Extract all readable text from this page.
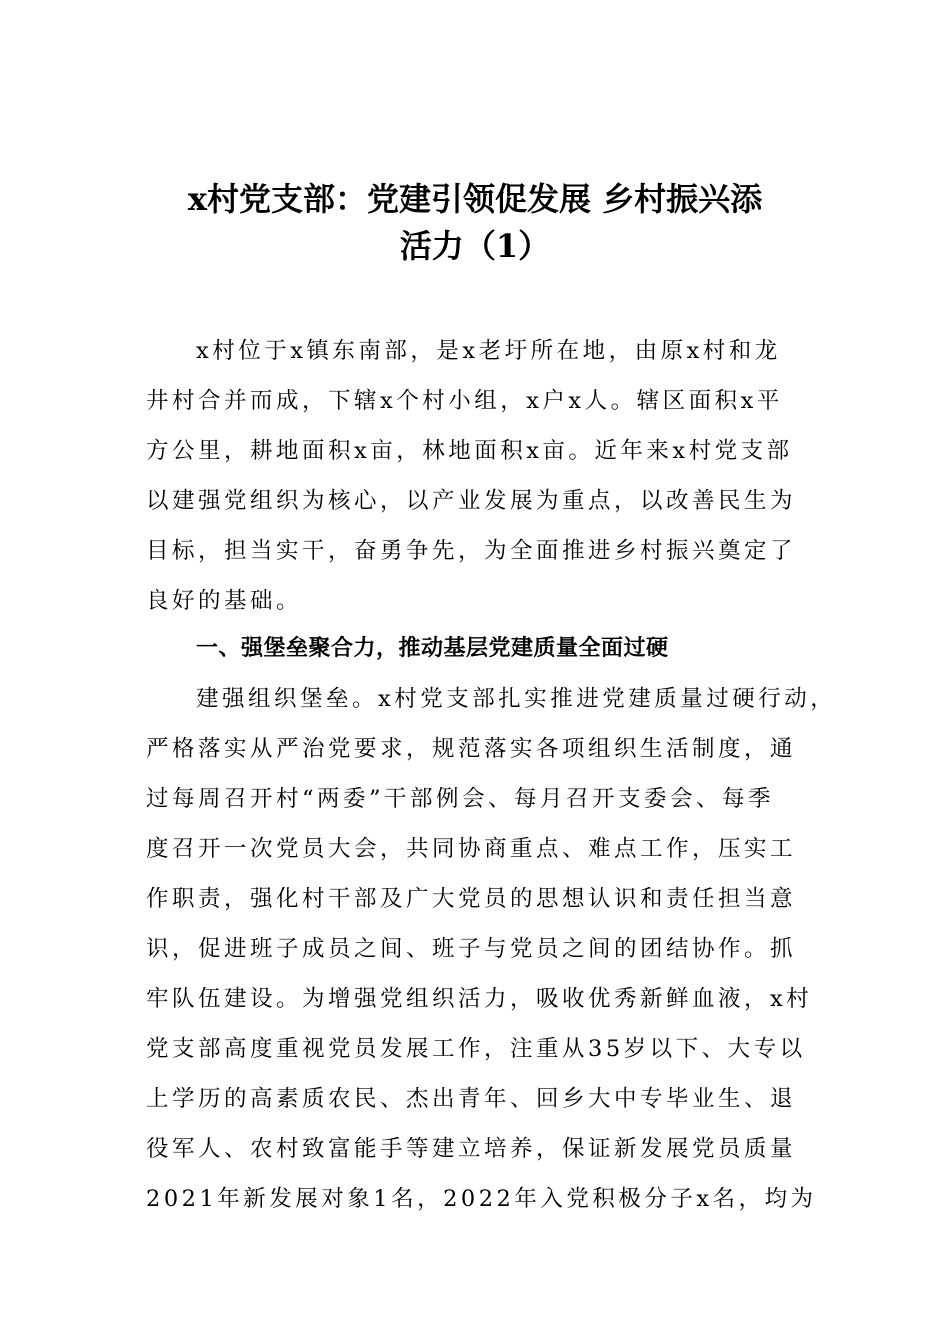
x村党支部：党建引领促发展 乡村振兴添
活力（1）

x村位于x镇东南部，是x老圩所在地，由原x村和龙

井村合并而成，下辖x个村小组，x户x人。辖区面积x平

方公里，耕地面积x亩，林地面积x亩。近年来x村党支部

以建强党组织为核心，以产业发展为重点，以改善民生为

目标，担当实干，奋勇争先，为全面推进乡村振兴奠定了

良好的基础。

一、强堡垒聚合力，推动基层党建质量全面过硬

建强组织堡垒。x村党支部扎实推进党建质量过硬行动，

严格落实从严治党要求，规范落实各项组织生活制度，通

过每周召开村“两委”干部例会、每月召开支委会、每季

度召开一次党员大会，共同协商重点、难点工作，压实工

作职责，强化村干部及广大党员的思想认识和责任担当意

识，促进班子成员之间、班子与党员之间的团结协作。抓

牢队伍建设。为增强党组织活力，吸收优秀新鲜血液，x村

党支部高度重视党员发展工作，注重从35岁以下、大专以

上学历的高素质农民、杰出青年、回乡大中专毕业生、退

役军人、农村致富能手等建立培养，保证新发展党员质量

2021年新发展对象1名，2022年入党积极分子x名，均为
